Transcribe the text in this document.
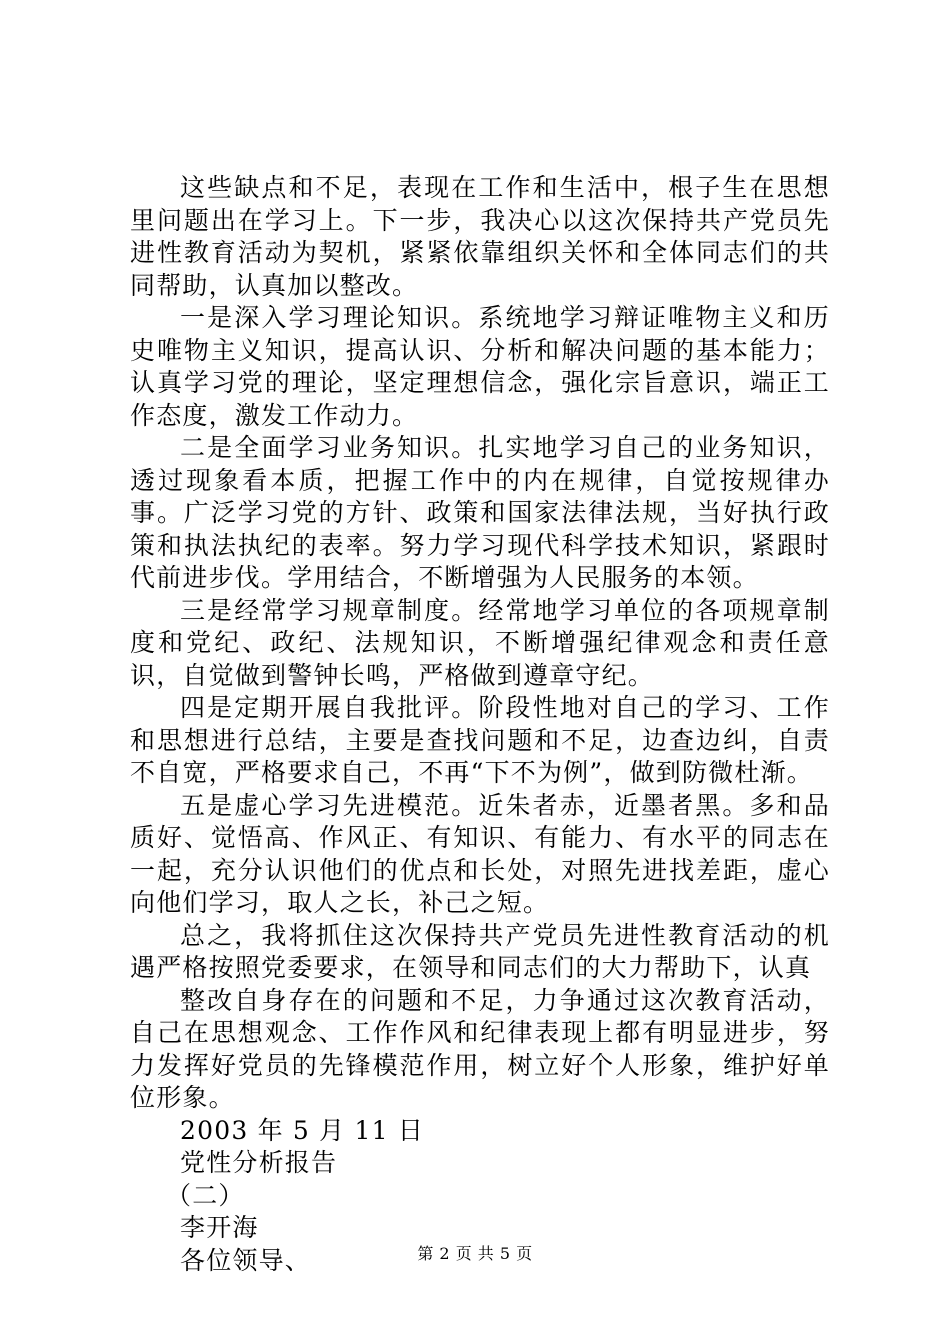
这些缺点和不足，表现在工作和生活中，根子生在思想里问题出在学习上。下一步，我决心以这次保持共产党员先进性教育活动为契机，紧紧依靠组织关怀和全体同志们的共同帮助，认真加以整改。

一是深入学习理论知识。系统地学习辩证唯物主义和历史唯物主义知识，提高认识、分析和解决问题的基本能力；认真学习党的理论，坚定理想信念，强化宗旨意识，端正工作态度，激发工作动力。

二是全面学习业务知识。扎实地学习自己的业务知识，透过现象看本质，把握工作中的内在规律，自觉按规律办事。广泛学习党的方针、政策和国家法律法规，当好执行政策和执法执纪的表率。努力学习现代科学技术知识，紧跟时代前进步伐。学用结合，不断增强为人民服务的本领。

三是经常学习规章制度。经常地学习单位的各项规章制度和党纪、政纪、法规知识，不断增强纪律观念和责任意识，自觉做到警钟长鸣，严格做到遵章守纪。

四是定期开展自我批评。阶段性地对自己的学习、工作和思想进行总结，主要是查找问题和不足，边查边纠，自责不自宽，严格要求自己，不再“下不为例”，做到防微杜渐。

五是虚心学习先进模范。近朱者赤，近墨者黑。多和品质好、觉悟高、作风正、有知识、有能力、有水平的同志在一起，充分认识他们的优点和长处，对照先进找差距，虚心向他们学习，取人之长，补己之短。

总之，我将抓住这次保持共产党员先进性教育活动的机遇严格按照党委要求，在领导和同志们的大力帮助下，认真

整改自身存在的问题和不足，力争通过这次教育活动，自己在思想观念、工作作风和纪律表现上都有明显进步，努力发挥好党员的先锋模范作用，树立好个人形象，维护好单位形象。

2003 年 5 月 11 日

党性分析报告

（二）

李开海

各位领导、	第 2 页 共 5 页
